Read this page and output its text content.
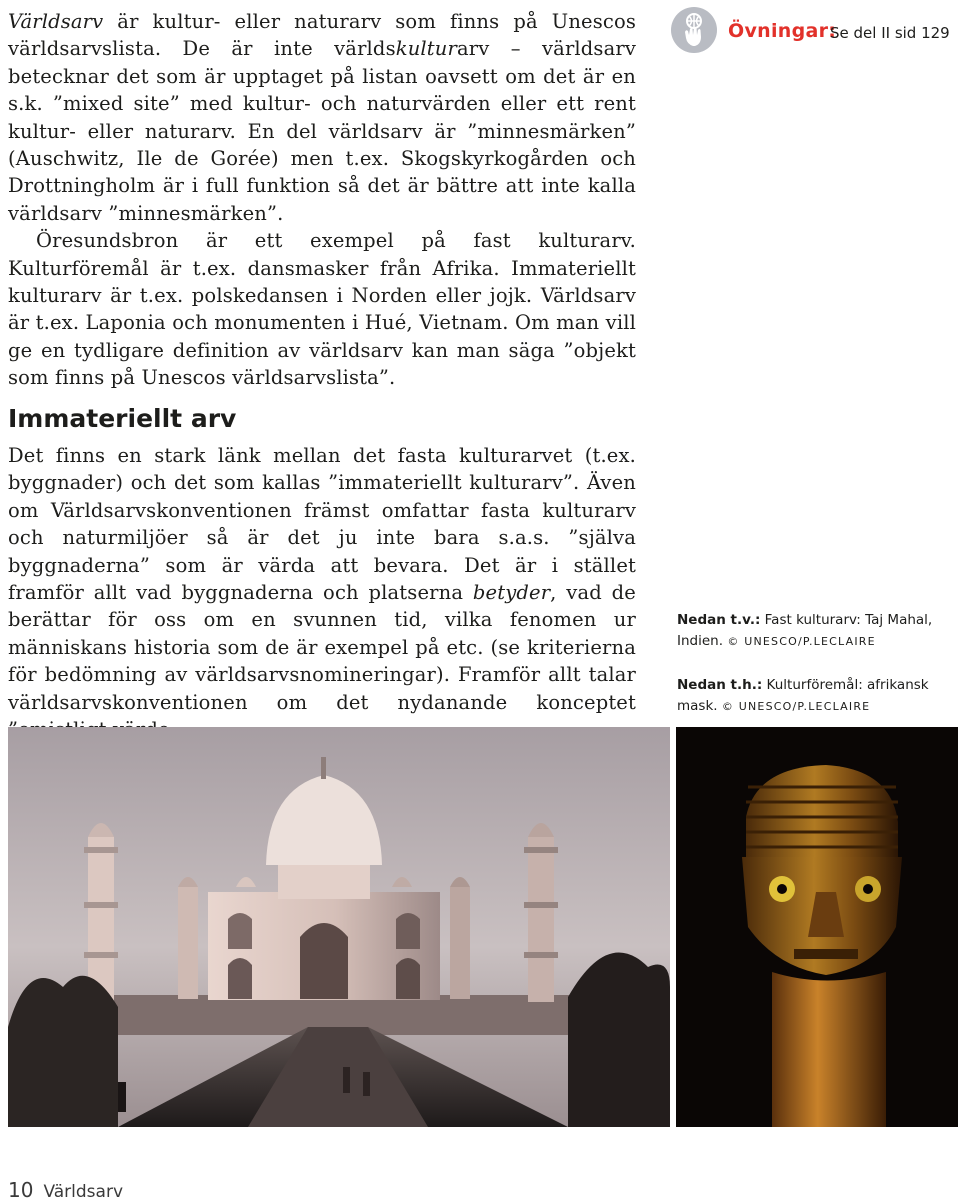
Världsarv är kultur- eller naturarv som finns på Unescos världsarvslista. De är inte världskulturarv – världsarv betecknar det som är upptaget på listan oavsett om det är en s.k. ”mixed site” med kultur- och naturvärden eller ett rent kultur- eller naturarv. En del världsarv är ”minnesmärken” (Auschwitz, Ile de Gorée) men t.ex. Skogskyrkogården och Drottningholm är i full funktion så det är bättre att inte kalla världsarv ”minnesmärken”.

Öresundsbron är ett exempel på fast kulturarv. Kulturföremål är t.ex. dansmasker från Afrika. Immateriellt kulturarv är t.ex. polskedansen i Norden eller jojk. Världsarv är t.ex. Laponia och monumenten i Hué, Vietnam. Om man vill ge en tydligare definition av världsarv kan man säga ”objekt som finns på Unescos världsarvslista”.

Immateriellt arv

Det finns en stark länk mellan det fasta kulturarvet (t.ex. byggnader) och det som kallas ”immateriellt kulturarv”. Även om Världsarvskonventionen främst omfattar fasta kulturarv och naturmiljöer så är det ju inte bara s.a.s. ”själva byggnaderna” som är värda att bevara. Det är i stället framför allt vad byggnaderna och platserna betyder, vad de berättar för oss om en svunnen tid, vilka fenomen ur människans historia som de är exempel på etc. (se kriterierna för bedömning av världsarvsnomineringar). Framför allt talar världsarvskonventionen om det nydanande konceptet

Övningar:
Se del II sid 129
Nedan t.v.: Fast kulturarv: Taj Mahal, Indien. © UNESCO/P.LECLAIRE
Nedan t.h.: Kulturföremål: afrikansk mask. © UNESCO/P.LECLAIRE
10 Världsarv
